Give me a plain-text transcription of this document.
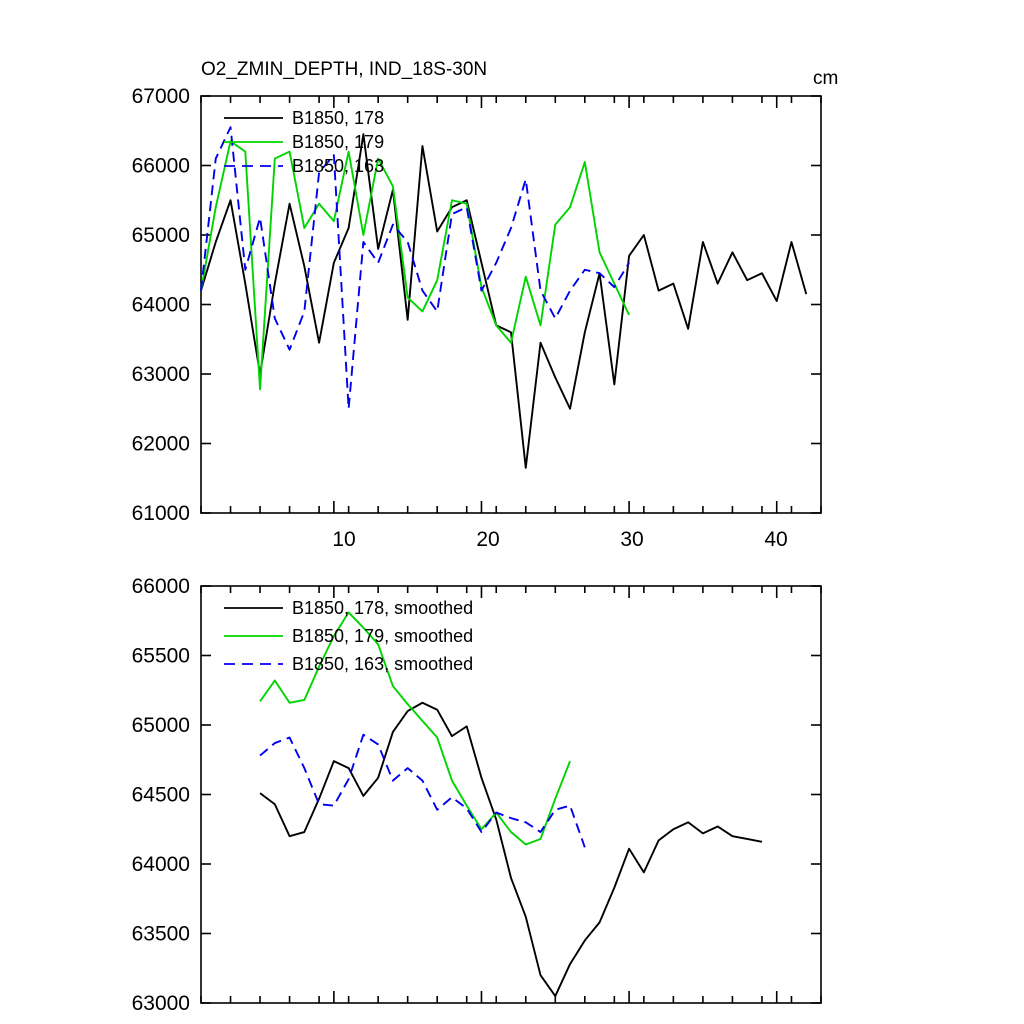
O2_ZMIN_DEPTH, IND_18S-30N	cm
61000
62000
63000
64000
65000
66000
67000
10	20	30	40
B1850, 178
B1850, 179
B1850, 163
63000
63500
64000
64500
65000
65500
66000
B1850, 178, smoothed
B1850, 179, smoothed
B1850, 163, smoothed
